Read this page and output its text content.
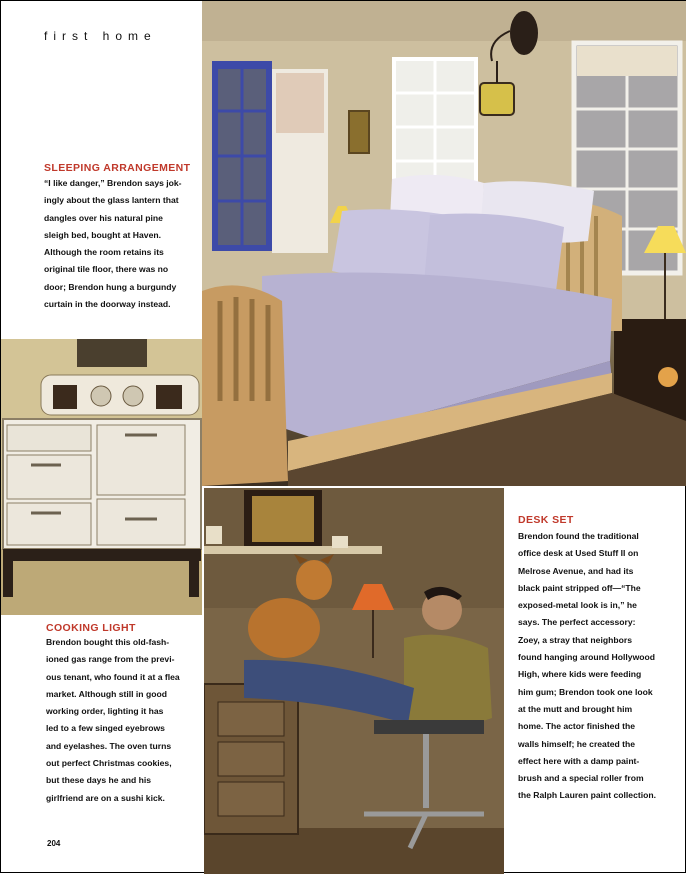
first home
SLEEPING ARRANGEMENT

“I like danger,” Brendon says jok-

ingly about the glass lantern that

dangles over his natural pine

sleigh bed, bought at Haven.

Although the room retains its

original tile floor, there was no

door; Brendon hung a burgundy

curtain in the doorway instead.

COOKING LIGHT

Brendon bought this old-fash-

ioned gas range from the previ-

ous tenant, who found it at a flea

market. Although still in good

working order, lighting it has

led to a few singed eyebrows

and eyelashes. The oven turns

out perfect Christmas cookies,

but these days he and his

girlfriend are on a sushi kick.

DESK SET

Brendon found the traditional

office desk at Used Stuff II on

Melrose Avenue, and had its

black paint stripped off—“The

exposed-metal look is in,” he

says. The perfect accessory:

Zoey, a stray that neighbors

found hanging around Hollywood

High, where kids were feeding

him gum; Brendon took one look

at the mutt and brought him

home. The actor finished the

walls himself; he created the

effect here with a damp paint-

brush and a special roller from

the Ralph Lauren paint collection.

204
